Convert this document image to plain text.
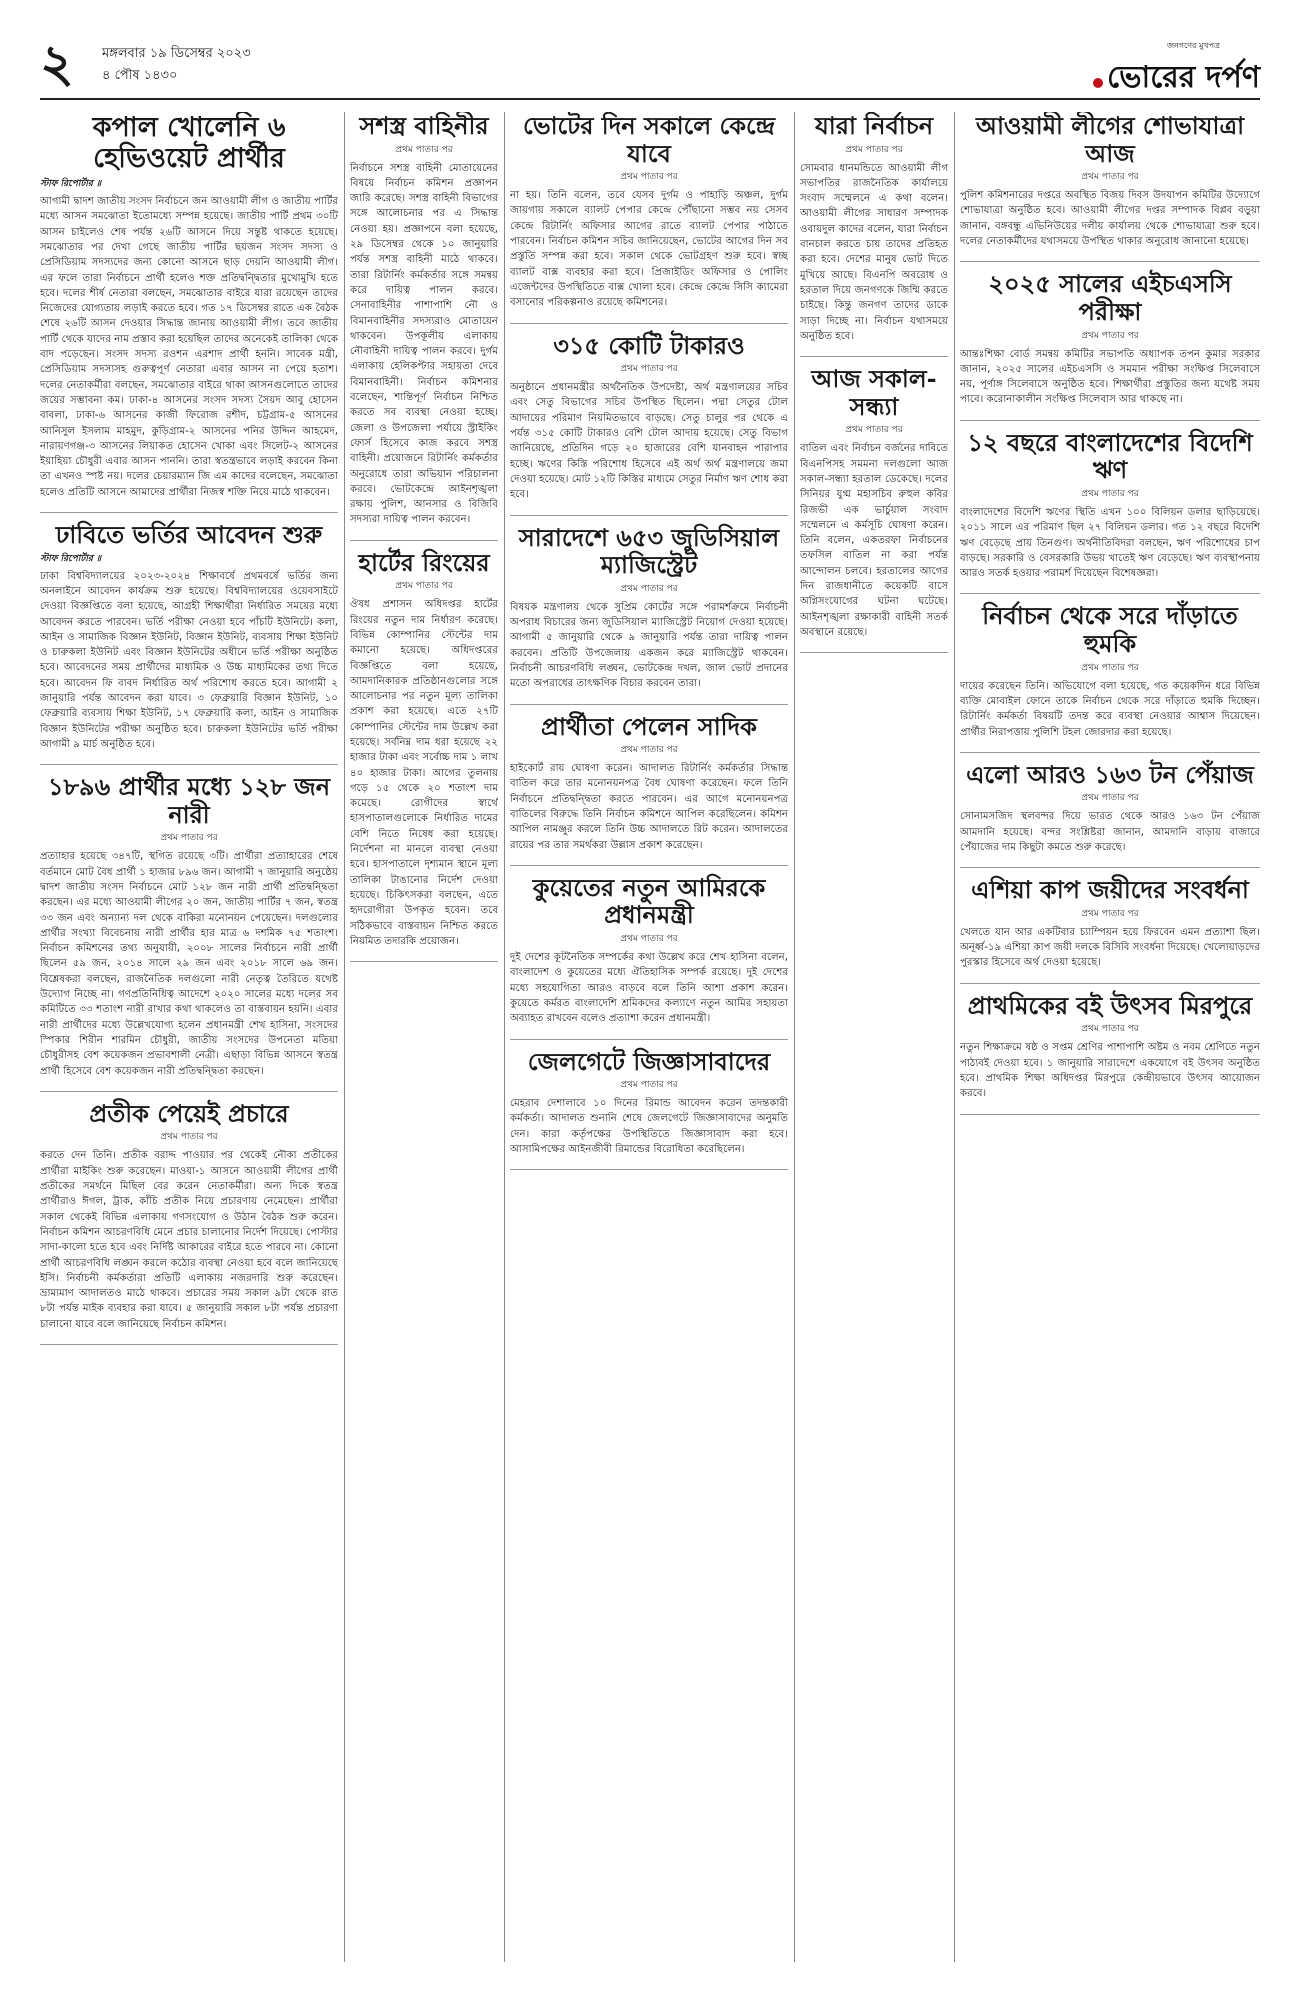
২ মঙ্গলবার ১৯ ডিসেম্বর ২০২৩
৪ পৌষ ১৪৩০
জনগণের মুখপত্র
ভোরের দর্পণ
কপাল খোলেনি ৬ হেভিওয়েট প্রার্থীর
স্টাফ রিপোর্টার ॥

আগামী দ্বাদশ জাতীয় সংসদ নির্বাচনে জন আওয়ামী লীগ ও জাতীয় পার্টির মধ্যে আসন সমঝোতা ইতোমধ্যে সম্পন্ন হয়েছে। জাতীয় পার্টি প্রথম ৩০টি আসন চাইলেও শেষ পর্যন্ত ২৬টি আসনে দিয়ে সন্তুষ্ট থাকতে হয়েছে। সমঝোতার পর দেখা গেছে জাতীয় পার্টির ছয়জন সংসদ সদস্য ও প্রেসিডিয়াম সদস্যদের জন্য কোনো আসনে ছাড় দেয়নি আওয়ামী লীগ। এর ফলে তারা নির্বাচনে প্রার্থী হলেও শক্ত প্রতিদ্বন্দ্বিতার মুখোমুখি হতে হবে। দলের শীর্ষ নেতারা বলছেন, সমঝোতার বাইরে যারা রয়েছেন তাদের নিজেদের যোগ্যতায় লড়াই করতে হবে। গত ১৭ ডিসেম্বর রাতে এক বৈঠক শেষে ২৬টি আসন দেওয়ার সিদ্ধান্ত জানায় আওয়ামী লীগ। তবে জাতীয় পার্টি থেকে যাদের নাম প্রস্তাব করা হয়েছিল তাদের অনেকেই তালিকা থেকে বাদ পড়েছেন। সংসদ সদস্য রওশন এরশাদ প্রার্থী হননি। সাবেক মন্ত্রী, প্রেসিডিয়াম সদস্যসহ গুরুত্বপূর্ণ নেতারা এবার আসন না পেয়ে হতাশ। দলের নেতাকর্মীরা বলছেন, সমঝোতার বাইরে থাকা আসনগুলোতে তাদের জয়ের সম্ভাবনা কম। ঢাকা-৪ আসনের সংসদ সদস্য সৈয়দ আবু হোসেন বাবলা, ঢাকা-৬ আসনের কাজী ফিরোজ রশীদ, চট্টগ্রাম-৫ আসনের আনিসুল ইসলাম মাহমুদ, কুড়িগ্রাম-২ আসনের পনির উদ্দিন আহমেদ, নারায়ণগঞ্জ-৩ আসনের লিয়াকত হোসেন খোকা এবং সিলেট-২ আসনের ইয়াহিয়া চৌধুরী এবার আসন পাননি। তারা স্বতন্ত্রভাবে লড়াই করবেন কিনা তা এখনও স্পষ্ট নয়। দলের চেয়ারম্যান জি এম কাদের বলেছেন, সমঝোতা হলেও প্রতিটি আসনে আমাদের প্রার্থীরা নিজস্ব শক্তি নিয়ে মাঠে থাকবেন।

ঢাবিতে ভর্তির আবেদন শুরু
স্টাফ রিপোর্টার ॥

ঢাকা বিশ্ববিদ্যালয়ের ২০২৩-২০২৪ শিক্ষাবর্ষে প্রথমবর্ষে ভর্তির জন্য অনলাইনে আবেদন কার্যক্রম শুরু হয়েছে। বিশ্ববিদ্যালয়ের ওয়েবসাইটে দেওয়া বিজ্ঞপ্তিতে বলা হয়েছে, আগ্রহী শিক্ষার্থীরা নির্ধারিত সময়ের মধ্যে আবেদন করতে পারবেন। ভর্তি পরীক্ষা নেওয়া হবে পাঁচটি ইউনিটে। কলা, আইন ও সামাজিক বিজ্ঞান ইউনিট, বিজ্ঞান ইউনিট, ব্যবসায় শিক্ষা ইউনিট ও চারুকলা ইউনিট এবং বিজ্ঞান ইউনিটের অধীনে ভর্তি পরীক্ষা অনুষ্ঠিত হবে। আবেদনের সময় প্রার্থীদের মাধ্যমিক ও উচ্চ মাধ্যমিকের তথ্য দিতে হবে। আবেদন ফি বাবদ নির্ধারিত অর্থ পরিশোধ করতে হবে। আগামী ২ জানুয়ারি পর্যন্ত আবেদন করা যাবে। ৩ ফেব্রুয়ারি বিজ্ঞান ইউনিট, ১০ ফেব্রুয়ারি ব্যবসায় শিক্ষা ইউনিট, ১৭ ফেব্রুয়ারি কলা, আইন ও সামাজিক বিজ্ঞান ইউনিটের পরীক্ষা অনুষ্ঠিত হবে। চারুকলা ইউনিটের ভর্তি পরীক্ষা আগামী ৯ মার্চ অনুষ্ঠিত হবে।

১৮৯৬ প্রার্থীর মধ্যে ১২৮ জন নারী
প্রথম পাতার পর

প্রত্যাহার হয়েছে ৩৪৭টি, স্থগিত রয়েছে ৩টি। প্রার্থীরা প্রত্যাহারের শেষে বর্তমানে মোট বৈধ প্রার্থী ১ হাজার ৮৯৬ জন। আগামী ৭ জানুয়ারি অনুষ্ঠেয় দ্বাদশ জাতীয় সংসদ নির্বাচনে মোট ১২৮ জন নারী প্রার্থী প্রতিদ্বন্দ্বিতা করছেন। এর মধ্যে আওয়ামী লীগের ২০ জন, জাতীয় পার্টির ৭ জন, স্বতন্ত্র ৩৩ জন এবং অন্যান্য দল থেকে বাকিরা মনোনয়ন পেয়েছেন। দলগুলোর প্রার্থীর সংখ্যা বিবেচনায় নারী প্রার্থীর হার মাত্র ৬ দশমিক ৭৫ শতাংশ। নির্বাচন কমিশনের তথ্য অনুযায়ী, ২০০৮ সালের নির্বাচনে নারী প্রার্থী ছিলেন ৫৯ জন, ২০১৪ সালে ২৯ জন এবং ২০১৮ সালে ৬৯ জন। বিশ্লেষকরা বলছেন, রাজনৈতিক দলগুলো নারী নেতৃত্ব তৈরিতে যথেষ্ট উদ্যোগ নিচ্ছে না। গণপ্রতিনিধিত্ব আদেশে ২০২০ সালের মধ্যে দলের সব কমিটিতে ৩৩ শতাংশ নারী রাখার কথা থাকলেও তা বাস্তবায়ন হয়নি। এবার নারী প্রার্থীদের মধ্যে উল্লেখযোগ্য হলেন প্রধানমন্ত্রী শেখ হাসিনা, সংসদের স্পিকার শিরীন শারমিন চৌধুরী, জাতীয় সংসদের উপনেতা মতিয়া চৌধুরীসহ বেশ কয়েকজন প্রভাবশালী নেত্রী। এছাড়া বিভিন্ন আসনে স্বতন্ত্র প্রার্থী হিসেবে বেশ কয়েকজন নারী প্রতিদ্বন্দ্বিতা করছেন।

প্রতীক পেয়েই প্রচারে
প্রথম পাতার পর

করতে দেন তিনি। প্রতীক বরাদ্দ পাওয়ার পর থেকেই নৌকা প্রতীকের প্রার্থীরা মাইকিং শুরু করেছেন। মাওয়া-১ আসনে আওয়ামী লীগের প্রার্থী প্রতীকের সমর্থনে মিছিল বের করেন নেতাকর্মীরা। অন্য দিকে স্বতন্ত্র প্রার্থীরাও ঈগল, ট্রাক, কাঁচি প্রতীক নিয়ে প্রচারণায় নেমেছেন। প্রার্থীরা সকাল থেকেই বিভিন্ন এলাকায় গণসংযোগ ও উঠান বৈঠক শুরু করেন। নির্বাচন কমিশন আচরণবিধি মেনে প্রচার চালানোর নির্দেশ দিয়েছে। পোস্টার সাদা-কালো হতে হবে এবং নির্দিষ্ট আকারের বাইরে হতে পারবে না। কোনো প্রার্থী আচরণবিধি লঙ্ঘন করলে কঠোর ব্যবস্থা নেওয়া হবে বলে জানিয়েছে ইসি। নির্বাচনী কর্মকর্তারা প্রতিটি এলাকায় নজরদারি শুরু করেছেন। ভ্রাম্যমাণ আদালতও মাঠে থাকবে। প্রচারের সময় সকাল ৯টা থেকে রাত ৮টা পর্যন্ত মাইক ব্যবহার করা যাবে। ৫ জানুয়ারি সকাল ৮টা পর্যন্ত প্রচারণা চালানো যাবে বলে জানিয়েছে নির্বাচন কমিশন।

সশস্ত্র বাহিনীর
প্রথম পাতার পর

নির্বাচনে সশস্ত্র বাহিনী মোতায়েনের বিষয়ে নির্বাচন কমিশন প্রজ্ঞাপন জারি করেছে। সশস্ত্র বাহিনী বিভাগের সঙ্গে আলোচনার পর এ সিদ্ধান্ত নেওয়া হয়। প্রজ্ঞাপনে বলা হয়েছে, ২৯ ডিসেম্বর থেকে ১০ জানুয়ারি পর্যন্ত সশস্ত্র বাহিনী মাঠে থাকবে। তারা রিটার্নিং কর্মকর্তার সঙ্গে সমন্বয় করে দায়িত্ব পালন করবে। সেনাবাহিনীর পাশাপাশি নৌ ও বিমানবাহিনীর সদস্যরাও মোতায়েন থাকবেন। উপকূলীয় এলাকায় নৌবাহিনী দায়িত্ব পালন করবে। দুর্গম এলাকায় হেলিকপ্টার সহায়তা দেবে বিমানবাহিনী। নির্বাচন কমিশনার বলেছেন, শান্তিপূর্ণ নির্বাচন নিশ্চিত করতে সব ব্যবস্থা নেওয়া হচ্ছে। জেলা ও উপজেলা পর্যায়ে স্ট্রাইকিং ফোর্স হিসেবে কাজ করবে সশস্ত্র বাহিনী। প্রয়োজনে রিটার্নিং কর্মকর্তার অনুরোধে তারা অভিযান পরিচালনা করবে। ভোটকেন্দ্রে আইনশৃঙ্খলা রক্ষায় পুলিশ, আনসার ও বিজিবি সদস্যরা দায়িত্ব পালন করবেন।

হার্টের রিংয়ের
প্রথম পাতার পর

ঔষধ প্রশাসন অধিদপ্তর হার্টের রিংয়ের নতুন দাম নির্ধারণ করেছে। বিভিন্ন কোম্পানির স্টেন্টের দাম কমানো হয়েছে। অধিদপ্তরের বিজ্ঞপ্তিতে বলা হয়েছে, আমদানিকারক প্রতিষ্ঠানগুলোর সঙ্গে আলোচনার পর নতুন মূল্য তালিকা প্রকাশ করা হয়েছে। এতে ২৭টি কোম্পানির স্টেন্টের দাম উল্লেখ করা হয়েছে। সর্বনিম্ন দাম ধরা হয়েছে ২২ হাজার টাকা এবং সর্বোচ্চ দাম ১ লাখ ৪০ হাজার টাকা। আগের তুলনায় গড়ে ১৫ থেকে ২০ শতাংশ দাম কমেছে। রোগীদের স্বার্থে হাসপাতালগুলোকে নির্ধারিত দামের বেশি নিতে নিষেধ করা হয়েছে। নির্দেশনা না মানলে ব্যবস্থা নেওয়া হবে। হাসপাতালে দৃশ্যমান স্থানে মূল্য তালিকা টাঙানোর নির্দেশ দেওয়া হয়েছে। চিকিৎসকরা বলছেন, এতে হৃদরোগীরা উপকৃত হবেন। তবে সঠিকভাবে বাস্তবায়ন নিশ্চিত করতে নিয়মিত তদারকি প্রয়োজন।

ভোটের দিন সকালে কেন্দ্রে যাবে
প্রথম পাতার পর

না হয়। তিনি বলেন, তবে যেসব দুর্গম ও পাহাড়ি অঞ্চল, দুর্গম জায়গায় সকালে ব্যালট পেপার কেন্দ্রে পৌঁছানো সম্ভব নয় সেসব কেন্দ্রে রিটার্নিং অফিসার আগের রাতে ব্যালট পেপার পাঠাতে পারবেন। নির্বাচন কমিশন সচিব জানিয়েছেন, ভোটের আগের দিন সব প্রস্তুতি সম্পন্ন করা হবে। সকাল থেকে ভোটগ্রহণ শুরু হবে। স্বচ্ছ ব্যালট বাক্স ব্যবহার করা হবে। প্রিজাইডিং অফিসার ও পোলিং এজেন্টদের উপস্থিতিতে বাক্স খোলা হবে। কেন্দ্রে কেন্দ্রে সিসি ক্যামেরা বসানোর পরিকল্পনাও রয়েছে কমিশনের।

৩১৫ কোটি টাকারও
প্রথম পাতার পর

অনুষ্ঠানে প্রধানমন্ত্রীর অর্থনৈতিক উপদেষ্টা, অর্থ মন্ত্রণালয়ের সচিব এবং সেতু বিভাগের সচিব উপস্থিত ছিলেন। পদ্মা সেতুর টোল আদায়ের পরিমাণ নিয়মিতভাবে বাড়ছে। সেতু চালুর পর থেকে এ পর্যন্ত ৩১৫ কোটি টাকারও বেশি টোল আদায় হয়েছে। সেতু বিভাগ জানিয়েছে, প্রতিদিন গড়ে ২০ হাজারের বেশি যানবাহন পারাপার হচ্ছে। ঋণের কিস্তি পরিশোধ হিসেবে এই অর্থ অর্থ মন্ত্রণালয়ে জমা দেওয়া হয়েছে। মোট ১২টি কিস্তির মাধ্যমে সেতুর নির্মাণ ঋণ শোধ করা হবে।

সারাদেশে ৬৫৩ জুডিসিয়াল ম্যাজিস্ট্রেট
প্রথম পাতার পর

বিষয়ক মন্ত্রণালয় থেকে সুপ্রিম কোর্টের সঙ্গে পরামর্শক্রমে নির্বাচনী অপরাধ বিচারের জন্য জুডিসিয়াল ম্যাজিস্ট্রেট নিয়োগ দেওয়া হয়েছে। আগামী ৫ জানুয়ারি থেকে ৯ জানুয়ারি পর্যন্ত তারা দায়িত্ব পালন করবেন। প্রতিটি উপজেলায় একজন করে ম্যাজিস্ট্রেট থাকবেন। নির্বাচনী আচরণবিধি লঙ্ঘন, ভোটকেন্দ্র দখল, জাল ভোট প্রদানের মতো অপরাধের তাৎক্ষণিক বিচার করবেন তারা।

প্রার্থীতা পেলেন সাদিক
প্রথম পাতার পর

হাইকোর্ট রায় ঘোষণা করেন। আদালত রিটার্নিং কর্মকর্তার সিদ্ধান্ত বাতিল করে তার মনোনয়নপত্র বৈধ ঘোষণা করেছেন। ফলে তিনি নির্বাচনে প্রতিদ্বন্দ্বিতা করতে পারবেন। এর আগে মনোনয়নপত্র বাতিলের বিরুদ্ধে তিনি নির্বাচন কমিশনে আপিল করেছিলেন। কমিশন আপিল নামঞ্জুর করলে তিনি উচ্চ আদালতে রিট করেন। আদালতের রায়ের পর তার সমর্থকরা উল্লাস প্রকাশ করেছেন।

কুয়েতের নতুন আমিরকে প্রধানমন্ত্রী
প্রথম পাতার পর

দুই দেশের কূটনৈতিক সম্পর্কের কথা উল্লেখ করে শেখ হাসিনা বলেন, বাংলাদেশ ও কুয়েতের মধ্যে ঐতিহাসিক সম্পর্ক রয়েছে। দুই দেশের মধ্যে সহযোগিতা আরও বাড়বে বলে তিনি আশা প্রকাশ করেন। কুয়েতে কর্মরত বাংলাদেশি শ্রমিকদের কল্যাণে নতুন আমির সহায়তা অব্যাহত রাখবেন বলেও প্রত্যাশা করেন প্রধানমন্ত্রী।

জেলগেটে জিজ্ঞাসাবাদের
প্রথম পাতার পর

মেহরাব দেশালাবে ১০ দিনের রিমান্ড আবেদন করেন তদন্তকারী কর্মকর্তা। আদালত শুনানি শেষে জেলগেটে জিজ্ঞাসাবাদের অনুমতি দেন। কারা কর্তৃপক্ষের উপস্থিতিতে জিজ্ঞাসাবাদ করা হবে। আসামিপক্ষের আইনজীবী রিমান্ডের বিরোধিতা করেছিলেন।

যারা নির্বাচন
প্রথম পাতার পর

সোমবার ধানমন্ডিতে আওয়ামী লীগ সভাপতির রাজনৈতিক কার্যালয়ে সংবাদ সম্মেলনে এ কথা বলেন। আওয়ামী লীগের সাধারণ সম্পাদক ওবায়দুল কাদের বলেন, যারা নির্বাচন বানচাল করতে চায় তাদের প্রতিহত করা হবে। দেশের মানুষ ভোট দিতে মুখিয়ে আছে। বিএনপি অবরোধ ও হরতাল দিয়ে জনগণকে জিম্মি করতে চাইছে। কিন্তু জনগণ তাদের ডাকে সাড়া দিচ্ছে না। নির্বাচন যথাসময়ে অনুষ্ঠিত হবে।

আজ সকাল-সন্ধ্যা
প্রথম পাতার পর

বাতিল এবং নির্বাচন বর্জনের দাবিতে বিএনপিসহ সমমনা দলগুলো আজ সকাল-সন্ধ্যা হরতাল ডেকেছে। দলের সিনিয়র যুগ্ম মহাসচিব রুহুল কবির রিজভী এক ভার্চুয়াল সংবাদ সম্মেলনে এ কর্মসূচি ঘোষণা করেন। তিনি বলেন, একতরফা নির্বাচনের তফসিল বাতিল না করা পর্যন্ত আন্দোলন চলবে। হরতালের আগের দিন রাজধানীতে কয়েকটি বাসে অগ্নিসংযোগের ঘটনা ঘটেছে। আইনশৃঙ্খলা রক্ষাকারী বাহিনী সতর্ক অবস্থানে রয়েছে।

আওয়ামী লীগের শোভাযাত্রা আজ
প্রথম পাতার পর

পুলিশ কমিশনারের দপ্তরে অবস্থিত বিজয় দিবস উদযাপন কমিটির উদ্যোগে শোভাযাত্রা অনুষ্ঠিত হবে। আওয়ামী লীগের দপ্তর সম্পাদক বিপ্লব বড়ুয়া জানান, বঙ্গবন্ধু এভিনিউয়ের দলীয় কার্যালয় থেকে শোভাযাত্রা শুরু হবে। দলের নেতাকর্মীদের যথাসময়ে উপস্থিত থাকার অনুরোধ জানানো হয়েছে।

২০২৫ সালের এইচএসসি পরীক্ষা
প্রথম পাতার পর

আন্তঃশিক্ষা বোর্ড সমন্বয় কমিটির সভাপতি অধ্যাপক তপন কুমার সরকার জানান, ২০২৫ সালের এইচএসসি ও সমমান পরীক্ষা সংক্ষিপ্ত সিলেবাসে নয়, পূর্ণাঙ্গ সিলেবাসে অনুষ্ঠিত হবে। শিক্ষার্থীরা প্রস্তুতির জন্য যথেষ্ট সময় পাবে। করোনাকালীন সংক্ষিপ্ত সিলেবাস আর থাকছে না।

১২ বছরে বাংলাদেশের বিদেশি ঋণ
প্রথম পাতার পর

বাংলাদেশের বিদেশি ঋণের স্থিতি এখন ১০০ বিলিয়ন ডলার ছাড়িয়েছে। ২০১১ সালে এর পরিমাণ ছিল ২৭ বিলিয়ন ডলার। গত ১২ বছরে বিদেশি ঋণ বেড়েছে প্রায় তিনগুণ। অর্থনীতিবিদরা বলছেন, ঋণ পরিশোধের চাপ বাড়ছে। সরকারি ও বেসরকারি উভয় খাতেই ঋণ বেড়েছে। ঋণ ব্যবস্থাপনায় আরও সতর্ক হওয়ার পরামর্শ দিয়েছেন বিশেষজ্ঞরা।

নির্বাচন থেকে সরে দাঁড়াতে হুমকি
প্রথম পাতার পর

দায়ের করেছেন তিনি। অভিযোগে বলা হয়েছে, গত কয়েকদিন ধরে বিভিন্ন ব্যক্তি মোবাইল ফোনে তাকে নির্বাচন থেকে সরে দাঁড়াতে হুমকি দিচ্ছেন। রিটার্নিং কর্মকর্তা বিষয়টি তদন্ত করে ব্যবস্থা নেওয়ার আশ্বাস দিয়েছেন। প্রার্থীর নিরাপত্তায় পুলিশি টহল জোরদার করা হয়েছে।

এলো আরও ১৬৩ টন পেঁয়াজ
প্রথম পাতার পর

সোনামসজিদ স্থলবন্দর দিয়ে ভারত থেকে আরও ১৬৩ টন পেঁয়াজ আমদানি হয়েছে। বন্দর সংশ্লিষ্টরা জানান, আমদানি বাড়ায় বাজারে পেঁয়াজের দাম কিছুটা কমতে শুরু করেছে।

এশিয়া কাপ জয়ীদের সংবর্ধনা
প্রথম পাতার পর

খেলতে যান আর একটিবার চ্যাম্পিয়ন হয়ে ফিরবেন এমন প্রত্যাশা ছিল। অনূর্ধ্ব-১৯ এশিয়া কাপ জয়ী দলকে বিসিবি সংবর্ধনা দিয়েছে। খেলোয়াড়দের পুরস্কার হিসেবে অর্থ দেওয়া হয়েছে।

প্রাথমিকের বই উৎসব মিরপুরে
প্রথম পাতার পর

নতুন শিক্ষাক্রমে ষষ্ঠ ও সপ্তম শ্রেণির পাশাপাশি অষ্টম ও নবম শ্রেণিতে নতুন পাঠ্যবই দেওয়া হবে। ১ জানুয়ারি সারাদেশে একযোগে বই উৎসব অনুষ্ঠিত হবে। প্রাথমিক শিক্ষা অধিদপ্তর মিরপুরে কেন্দ্রীয়ভাবে উৎসব আয়োজন করবে।
